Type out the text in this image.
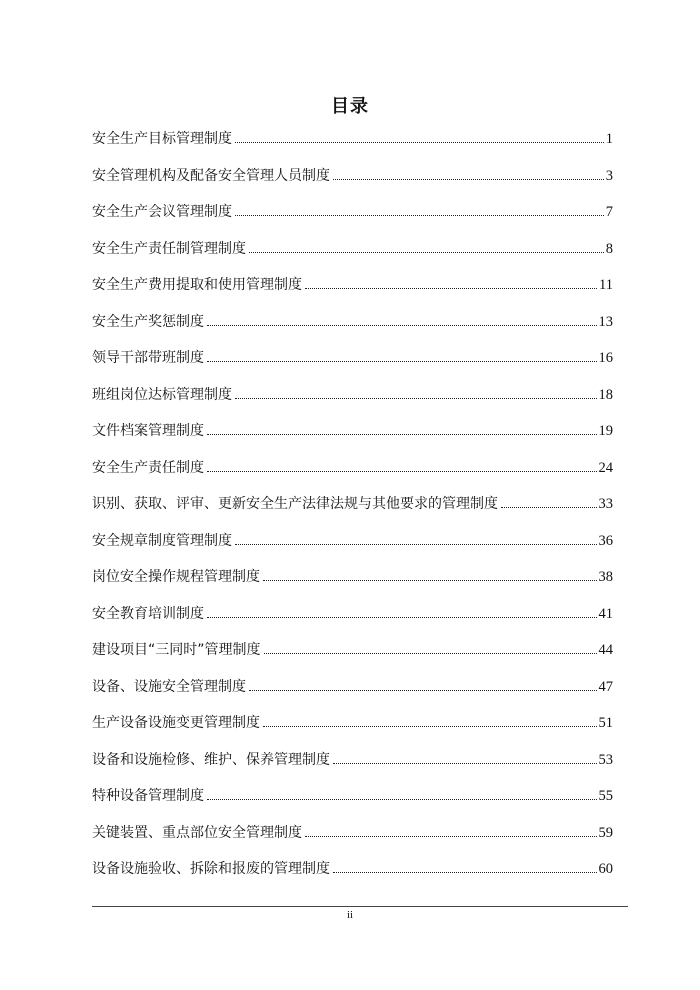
目录
安全生产目标管理制度	1
安全管理机构及配备安全管理人员制度	3
安全生产会议管理制度	7
安全生产责任制管理制度	8
安全生产费用提取和使用管理制度	11
安全生产奖惩制度	13
领导干部带班制度	16
班组岗位达标管理制度	18
文件档案管理制度	19
安全生产责任制度	24
识别、获取、评审、更新安全生产法律法规与其他要求的管理制度	33
安全规章制度管理制度	36
岗位安全操作规程管理制度	38
安全教育培训制度	41
建设项目“三同时”管理制度	44
设备、设施安全管理制度	47
生产设备设施变更管理制度	51
设备和设施检修、维护、保养管理制度	53
特种设备管理制度	55
关键装置、重点部位安全管理制度	59
设备设施验收、拆除和报废的管理制度	60
ii
